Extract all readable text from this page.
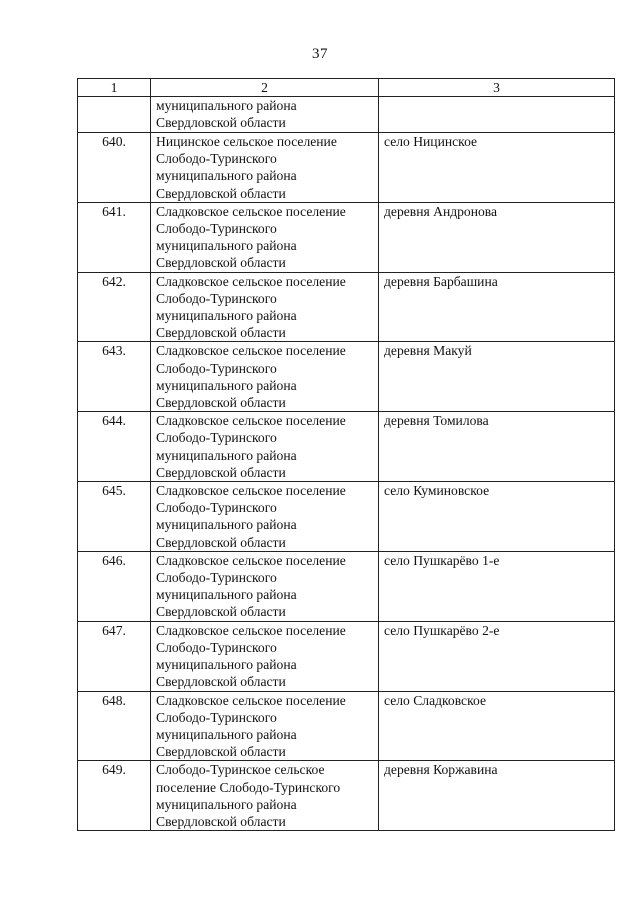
37
1	2	3

	муниципального района
Свердловской области	

640.	Ницинское сельское поселение
Слободо-Туринского
муниципального района
Свердловской области	село Ницинское
641.	Сладковское сельское поселение
Слободо-Туринского
муниципального района
Свердловской области	деревня Андронова
642.	Сладковское сельское поселение
Слободо-Туринского
муниципального района
Свердловской области	деревня Барбашина
643.	Сладковское сельское поселение
Слободо-Туринского
муниципального района
Свердловской области	деревня Макуй
644.	Сладковское сельское поселение
Слободо-Туринского
муниципального района
Свердловской области	деревня Томилова
645.	Сладковское сельское поселение
Слободо-Туринского
муниципального района
Свердловской области	село Куминовское
646.	Сладковское сельское поселение
Слободо-Туринского
муниципального района
Свердловской области	село Пушкарёво 1-е
647.	Сладковское сельское поселение
Слободо-Туринского
муниципального района
Свердловской области	село Пушкарёво 2-е
648.	Сладковское сельское поселение
Слободо-Туринского
муниципального района
Свердловской области	село Сладковское
649.	Слободо-Туринское сельское
поселение Слободо-Туринского
муниципального района
Свердловской области	деревня Коржавина
